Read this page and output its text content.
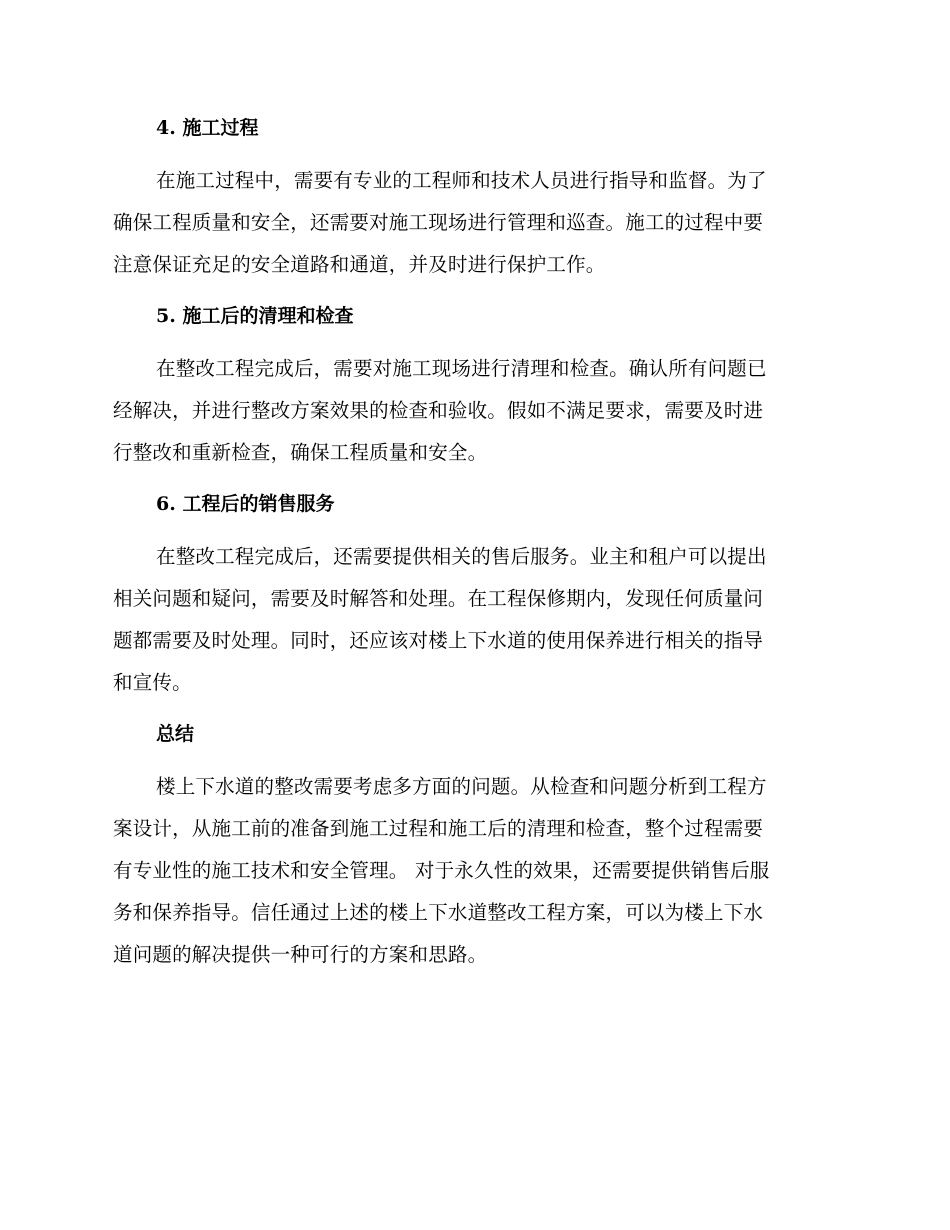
4. 施工过程

在施工过程中，需要有专业的工程师和技术人员进行指导和监督。为了
确保工程质量和安全，还需要对施工现场进行管理和巡查。施工的过程中要
注意保证充足的安全道路和通道，并及时进行保护工作。

5. 施工后的清理和检查

在整改工程完成后，需要对施工现场进行清理和检查。确认所有问题已
经解决，并进行整改方案效果的检查和验收。假如不满足要求，需要及时进
行整改和重新检查，确保工程质量和安全。

6. 工程后的销售服务

在整改工程完成后，还需要提供相关的售后服务。业主和租户可以提出
相关问题和疑问，需要及时解答和处理。在工程保修期内，发现任何质量问
题都需要及时处理。同时，还应该对楼上下水道的使用保养进行相关的指导
和宣传。

总结

楼上下水道的整改需要考虑多方面的问题。从检查和问题分析到工程方
案设计，从施工前的准备到施工过程和施工后的清理和检查，整个过程需要
有专业性的施工技术和安全管理。 对于永久性的效果，还需要提供销售后服
务和保养指导。信任通过上述的楼上下水道整改工程方案，可以为楼上下水
道问题的解决提供一种可行的方案和思路。
